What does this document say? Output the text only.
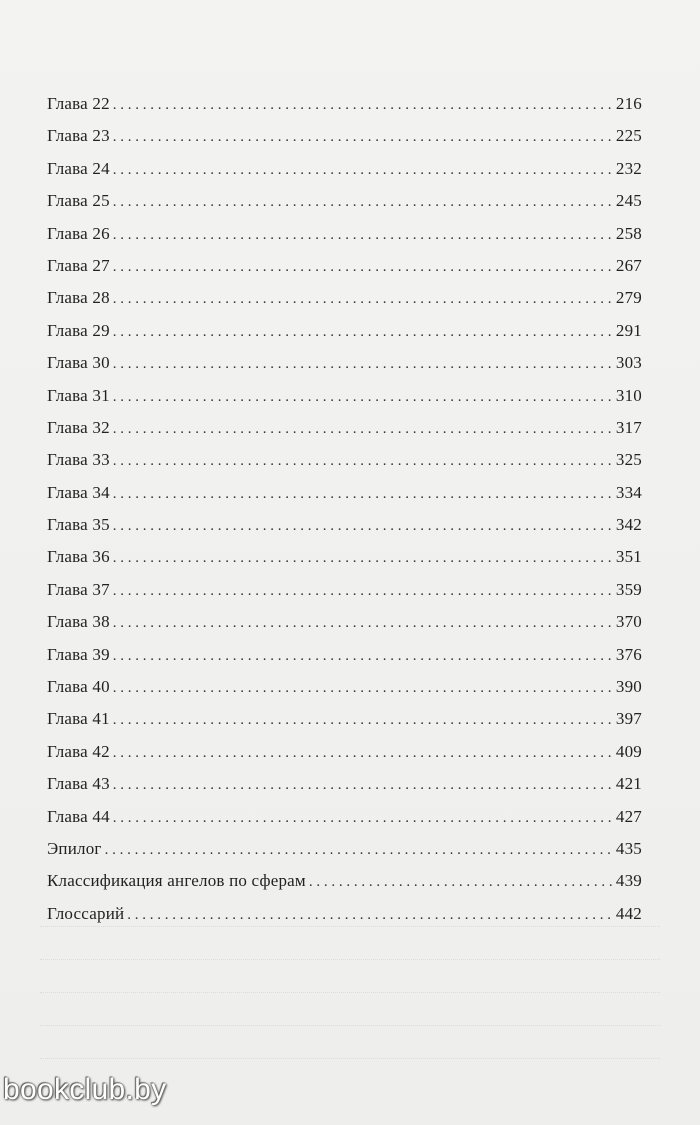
Глава 22 . . .	216
Глава 23 . . .	225
Глава 24 . . .	232
Глава 25 . . .	245
Глава 26 . . .	258
Глава 27 . . .	267
Глава 28 . . .	279
Глава 29 . . .	291
Глава 30 . . .	303
Глава 31 . . .	310
Глава 32 . . .	317
Глава 33 . . .	325
Глава 34 . . .	334
Глава 35 . . .	342
Глава 36 . . .	351
Глава 37 . . .	359
Глава 38 . . .	370
Глава 39 . . .	376
Глава 40 . . .	390
Глава 41 . . .	397
Глава 42 . . .	409
Глава 43 . . .	421
Глава 44 . . .	427
Эпилог . . .	435
Классификация ангелов по сферам . . .	439
Глоссарий . . .	442
bookclub.by
